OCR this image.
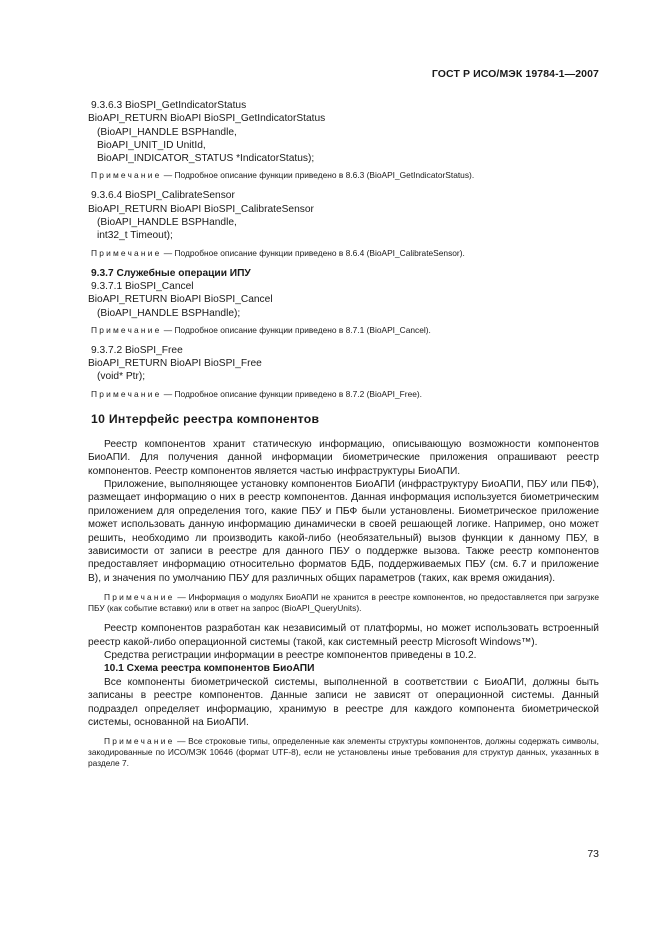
ГОСТ Р ИСО/МЭК 19784-1—2007
9.3.6.3 BioSPI_GetIndicatorStatus
BioAPI_RETURN BioAPI BioSPI_GetIndicatorStatus
(BioAPI_HANDLE BSPHandle,
BioAPI_UNIT_ID UnitId,
BioAPI_INDICATOR_STATUS *IndicatorStatus);
Примечание — Подробное описание функции приведено в 8.6.3 (BioAPI_GetIndicatorStatus).
9.3.6.4 BioSPI_CalibrateSensor
BioAPI_RETURN BioAPI BioSPI_CalibrateSensor
(BioAPI_HANDLE BSPHandle,
int32_t Timeout);
Примечание — Подробное описание функции приведено в 8.6.4 (BioAPI_CalibrateSensor).
9.3.7 Служебные операции ИПУ
9.3.7.1 BioSPI_Cancel
BioAPI_RETURN BioAPI BioSPI_Cancel
(BioAPI_HANDLE BSPHandle);
Примечание — Подробное описание функции приведено в 8.7.1 (BioAPI_Cancel).
9.3.7.2 BioSPI_Free
BioAPI_RETURN BioAPI BioSPI_Free
(void* Ptr);
Примечание — Подробное описание функции приведено в 8.7.2 (BioAPI_Free).
10 Интерфейс реестра компонентов

Реестр компонентов хранит статическую информацию, описывающую возможности компонентов БиоАПИ. Для получения данной информации биометрические приложения опрашивают реестр компонентов. Реестр компонентов является частью инфраструктуры БиоАПИ.

Приложение, выполняющее установку компонентов БиоАПИ (инфраструктуру БиоАПИ, ПБУ или ПБФ), размещает информацию о них в реестр компонентов. Данная информация используется биометрическим приложением для определения того, какие ПБУ и ПБФ были установлены. Биометрическое приложение может использовать данную информацию динамически в своей решающей логике. Например, оно может решить, необходимо ли производить какой-либо (необязательный) вызов функции к данному ПБУ, в зависимости от записи в реестре для данного ПБУ о поддержке вызова. Также реестр компонентов предоставляет информацию относительно форматов БДБ, поддерживаемых ПБУ (см. 6.7 и приложение В), и значения по умолчанию ПБУ для различных общих параметров (таких, как время ожидания).

Примечание — Информация о модулях БиоАПИ не хранится в реестре компонентов, но предоставляется при загрузке ПБУ (как событие вставки) или в ответ на запрос (BioAPI_QueryUnits).

Реестр компонентов разработан как независимый от платформы, но может использовать встроенный реестр какой-либо операционной системы (такой, как системный реестр Microsoft Windows™).

Средства регистрации информации в реестре компонентов приведены в 10.2.

10.1 Схема реестра компонентов БиоАПИ

Все компоненты биометрической системы, выполненной в соответствии с БиоАПИ, должны быть записаны в реестре компонентов. Данные записи не зависят от операционной системы. Данный подраздел определяет информацию, хранимую в реестре для каждого компонента биометрической системы, основанной на БиоАПИ.

Примечание — Все строковые типы, определенные как элементы структуры компонентов, должны содержать символы, закодированные по ИСО/МЭК 10646 (формат UTF-8), если не установлены иные требования для структур данных, указанных в разделе 7.
73
